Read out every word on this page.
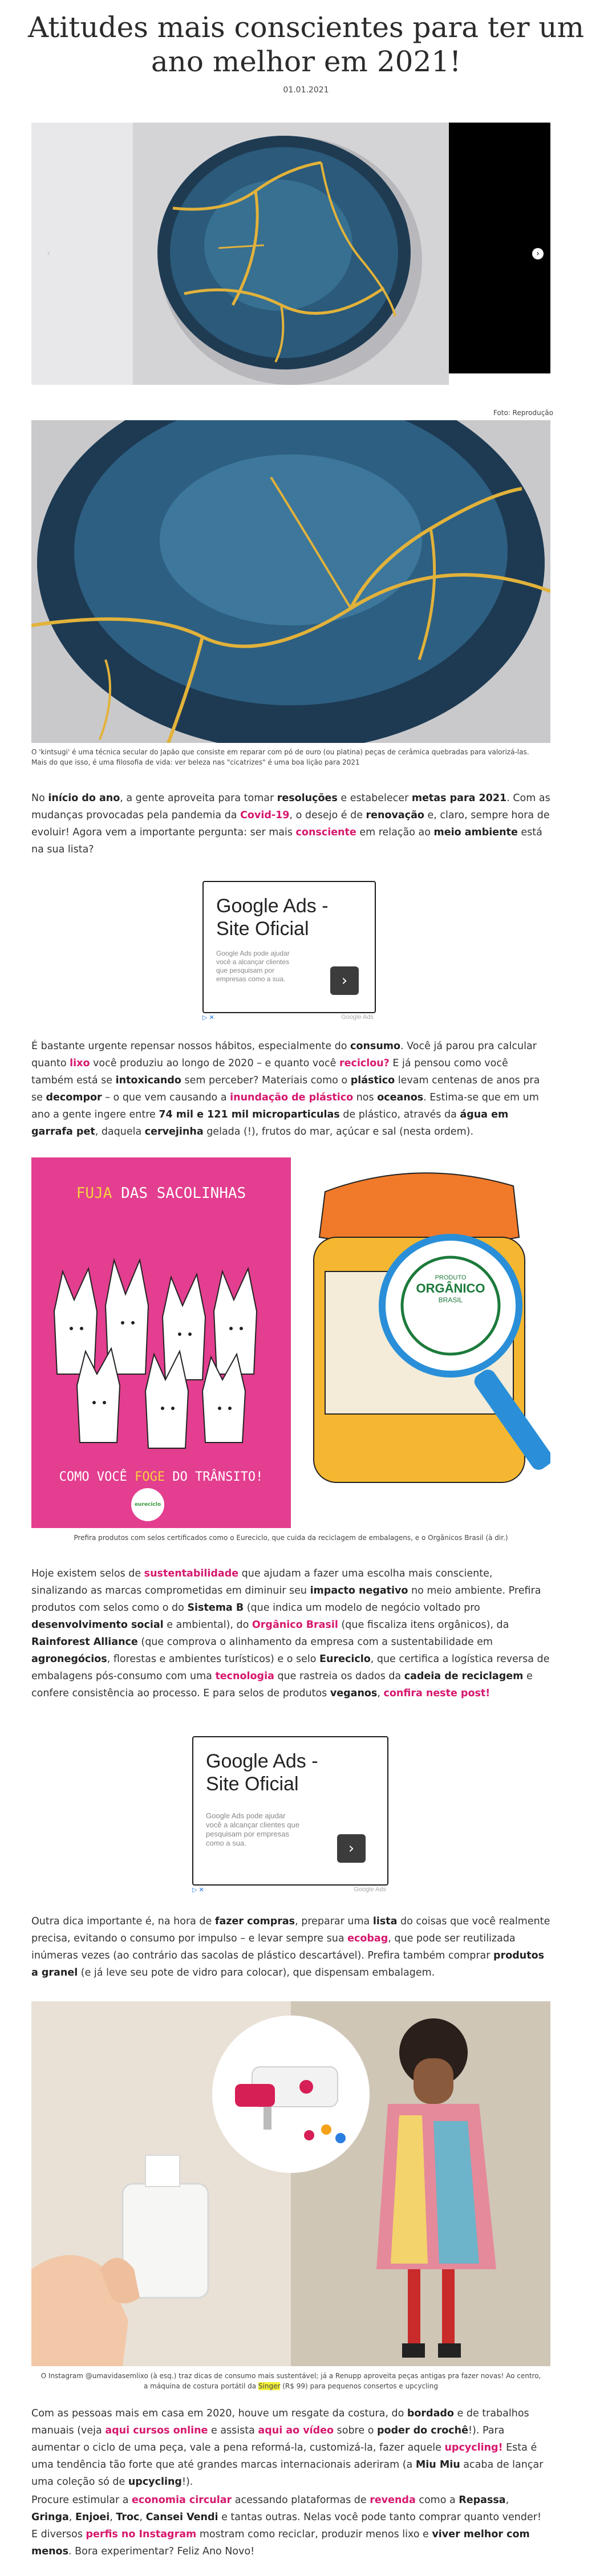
Atitudes mais conscientes para ter um ano melhor em 2021!
01.01.2021
‹	›
Foto: Reprodução
O 'kintsugi' é uma técnica secular do Japão que consiste em reparar com pó de ouro (ou platina) peças de cerâmica quebradas para valorizá-las.
Mais do que isso, é uma filosofia de vida: ver beleza nas "cicatrizes" é uma boa lição para 2021

No início do ano, a gente aproveita para tomar resoluções e estabelecer metas para 2021. Com as mudanças provocadas pela pandemia da Covid-19, o desejo é de renovação e, claro, sempre hora de evoluir! Agora vem a importante pergunta: ser mais consciente em relação ao meio ambiente está na sua lista?

Google Ads -
Site Oficial
Google Ads pode ajudar você a alcançar clientes que pesquisam por empresas como a sua.	›
▷ ✕	Google Ads

É bastante urgente repensar nossos hábitos, especialmente do consumo. Você já parou pra calcular quanto lixo você produziu ao longo de 2020 – e quanto você reciclou? E já pensou como você também está se intoxicando sem perceber? Materiais como o plástico levam centenas de anos pra se decompor – o que vem causando a inundação de plástico nos oceanos. Estima-se que em um ano a gente ingere entre 74 mil e 121 mil microparticulas de plástico, através da água em garrafa pet, daquela cervejinha gelada (!), frutos do mar, açúcar e sal (nesta ordem).

FUJA DAS SACOLINHAS
COMO VOCÊ FOGE DO TRÂNSITO!
eureciclo
PRODUTO
ORGÂNICO
BRASIL
Prefira produtos com selos certificados como o Eureciclo, que cuida da reciclagem de embalagens, e o Orgânicos Brasil (à dir.)

Hoje existem selos de sustentabilidade que ajudam a fazer uma escolha mais consciente, sinalizando as marcas comprometidas em diminuir seu impacto negativo no meio ambiente. Prefira produtos com selos como o do Sistema B (que indica um modelo de negócio voltado pro desenvolvimento social e ambiental), do Orgânico Brasil (que fiscaliza itens orgânicos), da Rainforest Alliance (que comprova o alinhamento da empresa com a sustentabilidade em agronegócios, florestas e ambientes turísticos) e o selo Eureciclo, que certifica a logística reversa de embalagens pós-consumo com uma tecnologia que rastreia os dados da cadeia de reciclagem e confere consistência ao processo. E para selos de produtos veganos, confira neste post!

Google Ads -
Site Oficial
Google Ads pode ajudar você a alcançar clientes que pesquisam por empresas como a sua.	›
▷ ✕	Google Ads

Outra dica importante é, na hora de fazer compras, preparar uma lista do coisas que você realmente precisa, evitando o consumo por impulso – e levar sempre sua ecobag, que pode ser reutilizada inúmeras vezes (ao contrário das sacolas de plástico descartável). Prefira também comprar produtos a granel (e já leve seu pote de vidro para colocar), que dispensam embalagem.

O Instagram @umavidasemlixo (à esq.) traz dicas de consumo mais sustentável; já a Renupp aproveita peças antigas pra fazer novas! Ao centro,
a máquina de costura portátil da Singer (R$ 99) para pequenos consertos e upcycling

Com as pessoas mais em casa em 2020, houve um resgate da costura, do bordado e de trabalhos manuais (veja aqui cursos online e assista aqui ao vídeo sobre o poder do crochê!). Para aumentar o ciclo de uma peça, vale a pena reformá-la, customizá-la, fazer aquele upcycling! Esta é uma tendência tão forte que até grandes marcas internacionais aderiram (a Miu Miu acaba de lançar uma coleção só de upcycling!).

Procure estimular a economia circular acessando plataformas de revenda como a Repassa, Gringa, Enjoei, Troc, Cansei Vendi e tantas outras. Nelas você pode tanto comprar quanto vender! E diversos perfis no Instagram mostram como reciclar, produzir menos lixo e viver melhor com menos. Bora experimentar? Feliz Ano Novo!
